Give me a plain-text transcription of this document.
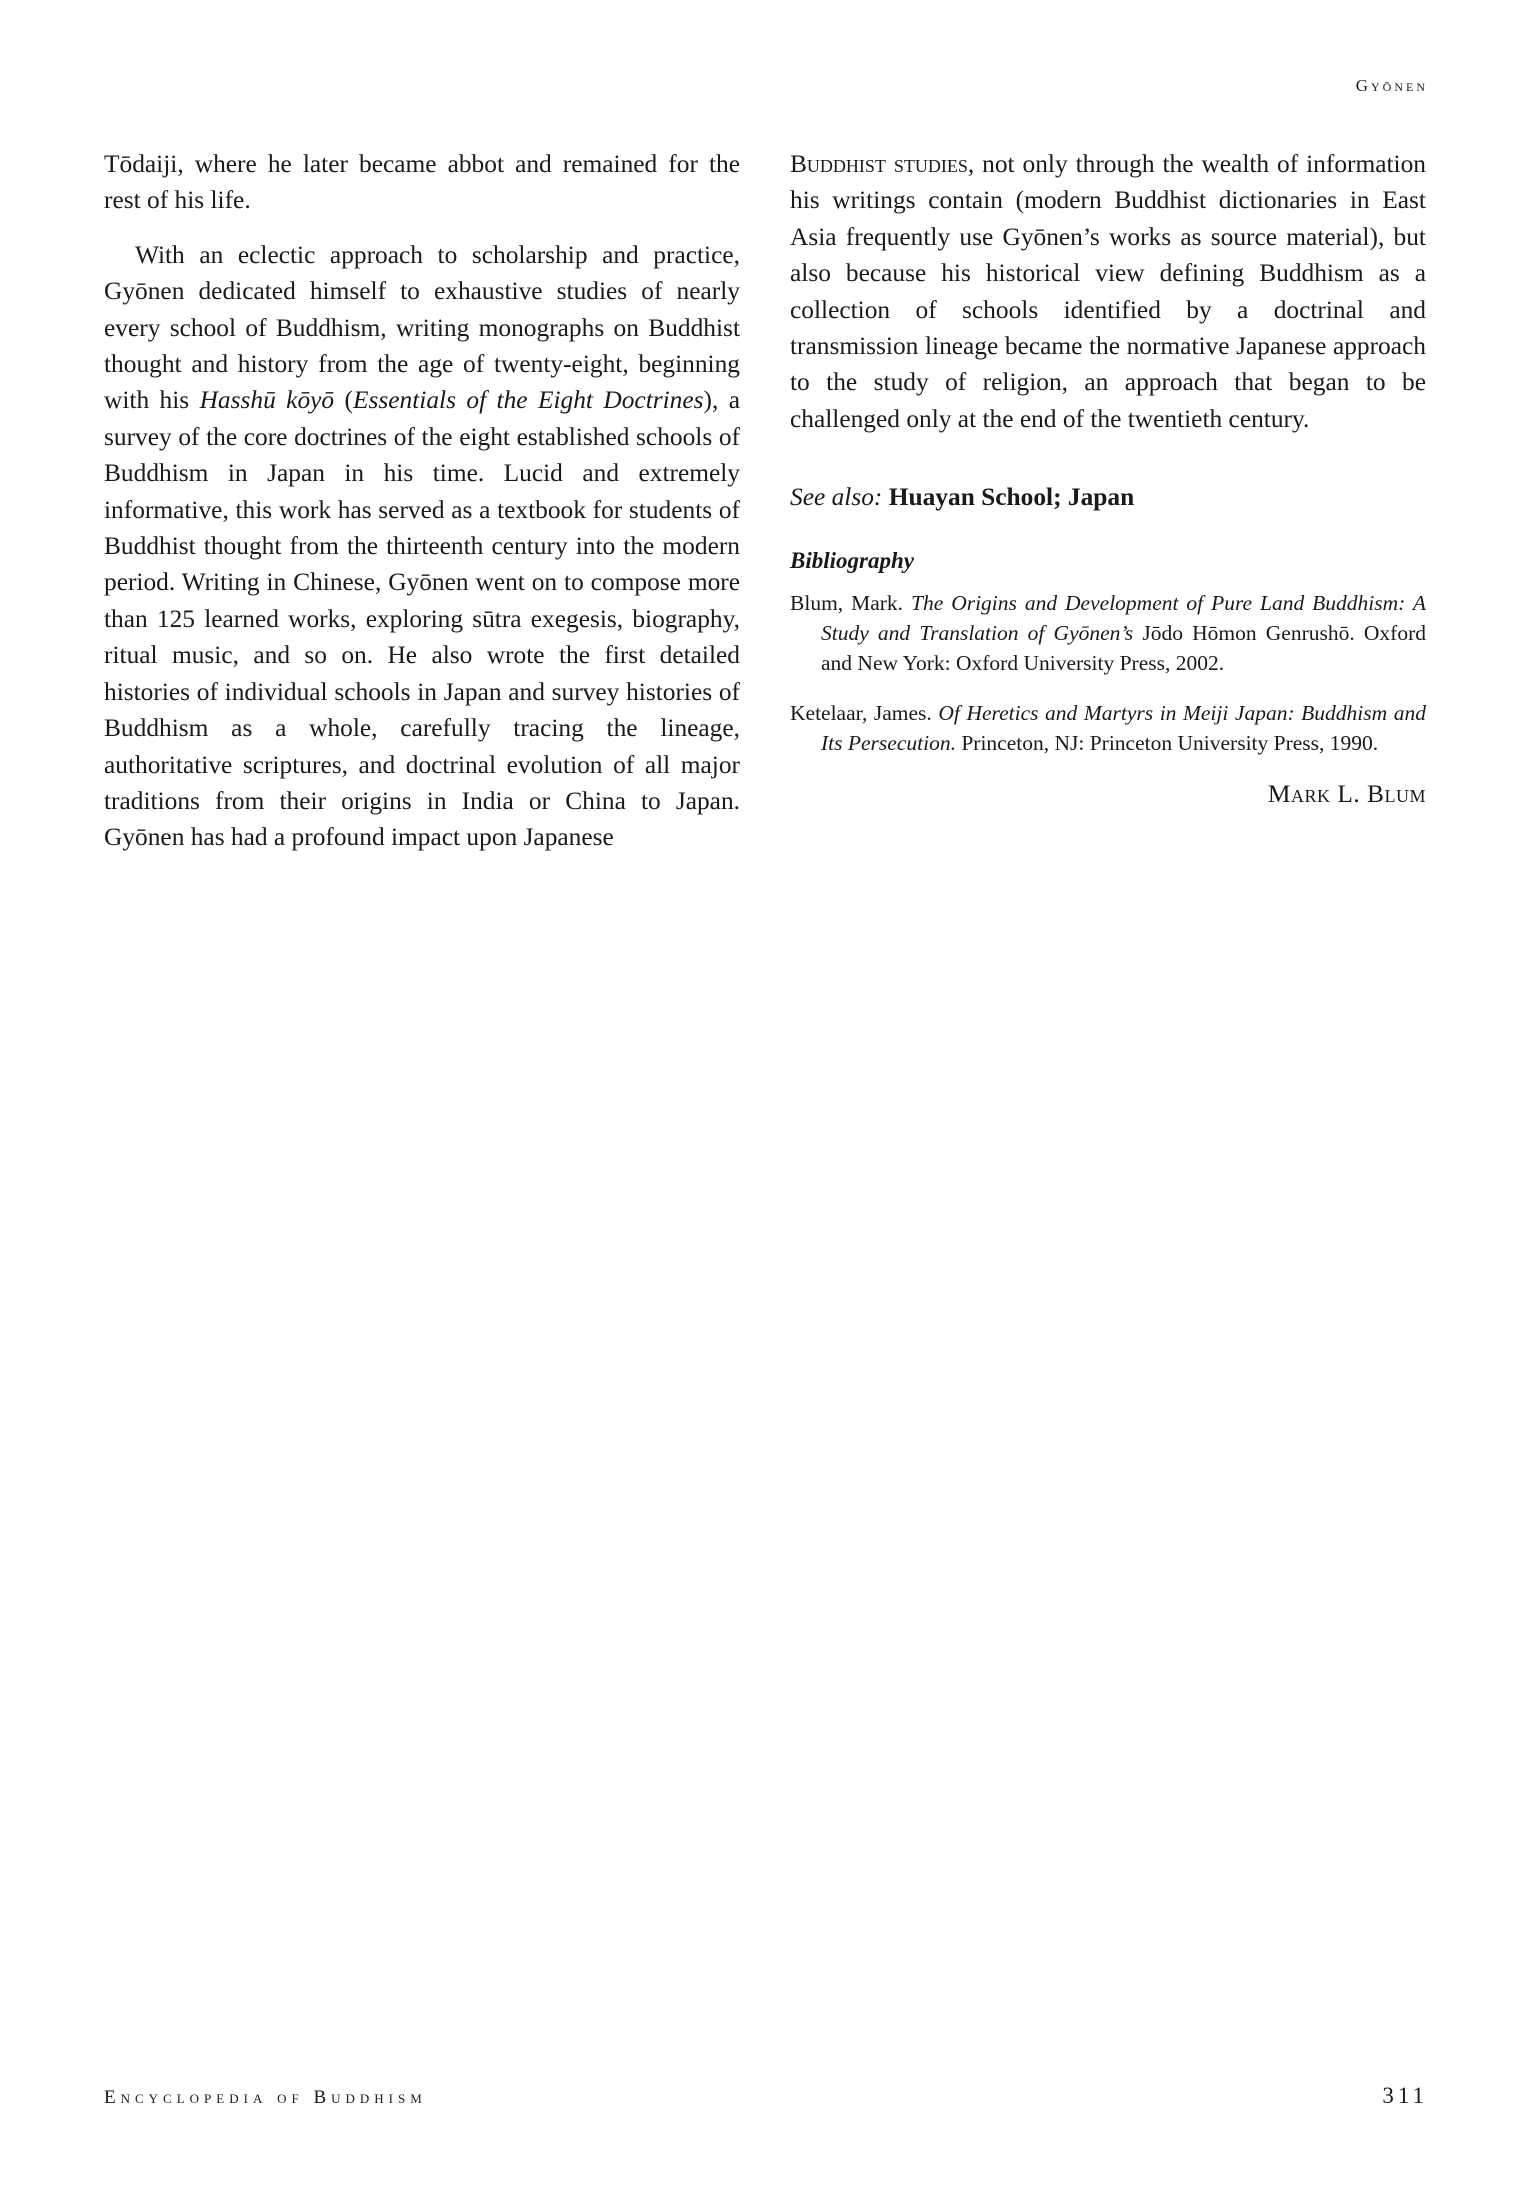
Gyōnen

Tōdaiji, where he later became abbot and remained for the rest of his life.

With an eclectic approach to scholarship and practice, Gyōnen dedicated himself to exhaustive studies of nearly every school of Buddhism, writing monographs on Buddhist thought and history from the age of twenty-eight, beginning with his Hasshū kōyō (Essentials of the Eight Doctrines), a survey of the core doctrines of the eight established schools of Buddhism in Japan in his time. Lucid and extremely informative, this work has served as a textbook for students of Buddhist thought from the thirteenth century into the modern period. Writing in Chinese, Gyōnen went on to compose more than 125 learned works, exploring sūtra exegesis, biography, ritual music, and so on. He also wrote the first detailed histories of individual schools in Japan and survey histories of Buddhism as a whole, carefully tracing the lineage, authoritative scriptures, and doctrinal evolution of all major traditions from their origins in India or China to Japan. Gyōnen has had a profound impact upon Japanese

Buddhist studies, not only through the wealth of information his writings contain (modern Buddhist dictionaries in East Asia frequently use Gyōnen’s works as source material), but also because his historical view defining Buddhism as a collection of schools identified by a doctrinal and transmission lineage became the normative Japanese approach to the study of religion, an approach that began to be challenged only at the end of the twentieth century.

See also: Huayan School; Japan

Bibliography

Blum, Mark. The Origins and Development of Pure Land Buddhism: A Study and Translation of Gyōnen’s Jōdo Hōmon Genrushō. Oxford and New York: Oxford University Press, 2002.

Ketelaar, James. Of Heretics and Martyrs in Meiji Japan: Buddhism and Its Persecution. Princeton, NJ: Princeton University Press, 1990.

Mark L. Blum

Encyclopedia of Buddhism	311
